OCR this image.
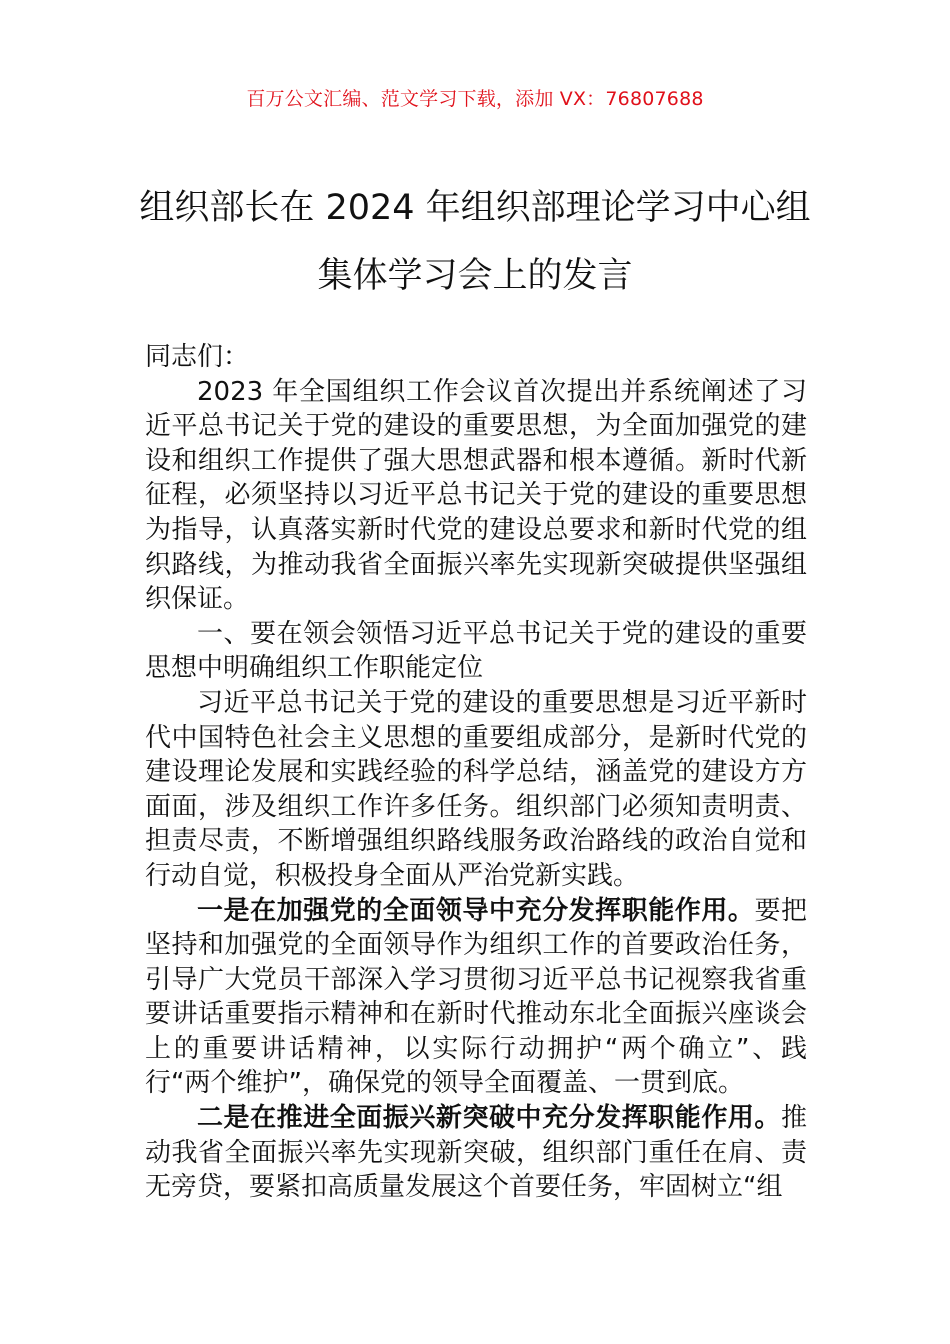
百万公文汇编、范文学习下载，添加 VX：76807688
组织部长在 2024 年组织部理论学习中心组
集体学习会上的发言

同志们：

2023 年全国组织工作会议首次提出并系统阐述了习近平总书记关于党的建设的重要思想，为全面加强党的建设和组织工作提供了强大思想武器和根本遵循。新时代新征程，必须坚持以习近平总书记关于党的建设的重要思想为指导，认真落实新时代党的建设总要求和新时代党的组织路线，为推动我省全面振兴率先实现新突破提供坚强组织保证。

一、要在领会领悟习近平总书记关于党的建设的重要思想中明确组织工作职能定位

习近平总书记关于党的建设的重要思想是习近平新时代中国特色社会主义思想的重要组成部分，是新时代党的建设理论发展和实践经验的科学总结，涵盖党的建设方方面面，涉及组织工作许多任务。组织部门必须知责明责、担责尽责，不断增强组织路线服务政治路线的政治自觉和行动自觉，积极投身全面从严治党新实践。

一是在加强党的全面领导中充分发挥职能作用。要把坚持和加强党的全面领导作为组织工作的首要政治任务，引导广大党员干部深入学习贯彻习近平总书记视察我省重要讲话重要指示精神和在新时代推动东北全面振兴座谈会上的重要讲话精神，以实际行动拥护“两个确立”、践行“两个维护”，确保党的领导全面覆盖、一贯到底。

二是在推进全面振兴新突破中充分发挥职能作用。推动我省全面振兴率先实现新突破，组织部门重任在肩、责无旁贷，要紧扣高质量发展这个首要任务，牢固树立“组
